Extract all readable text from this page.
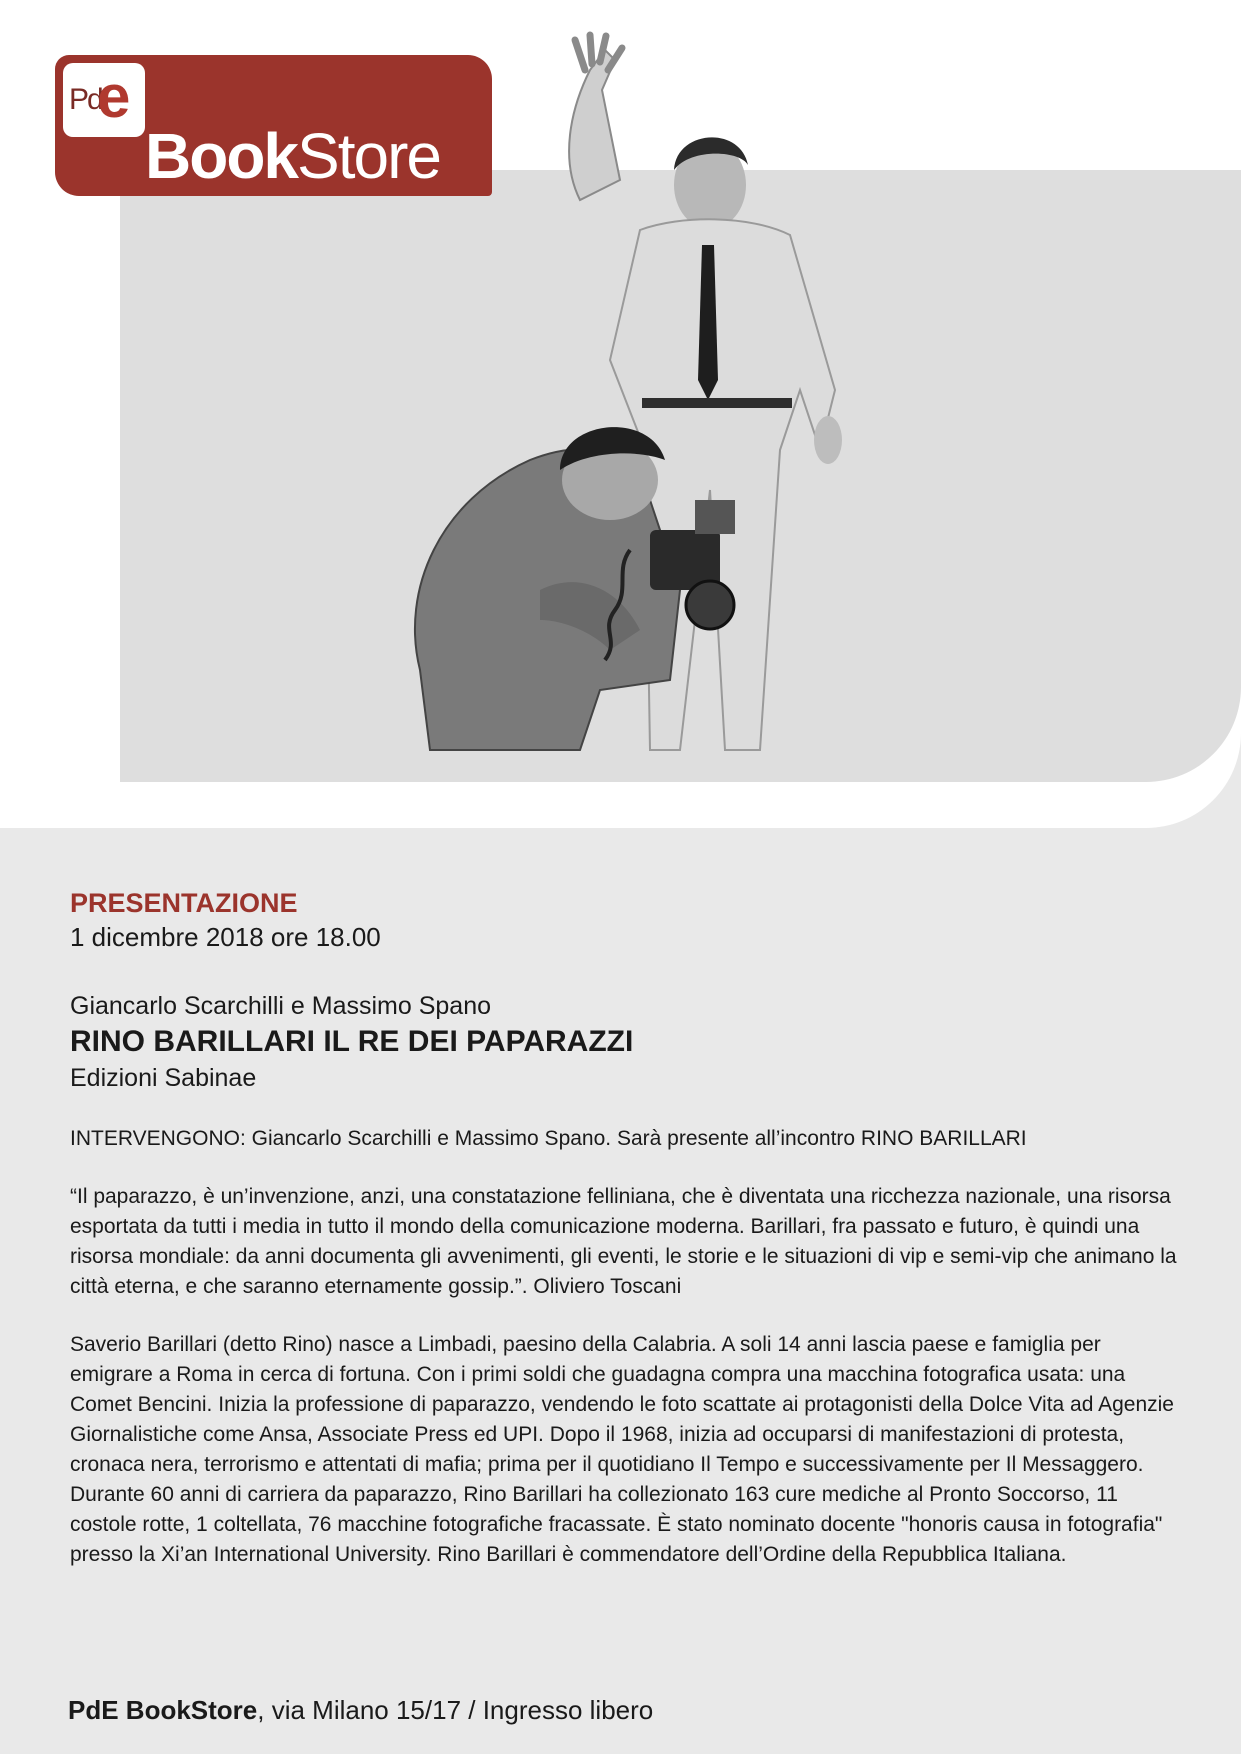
Pd
e
BookStore

PRESENTAZIONE

1 dicembre 2018 ore 18.00

Giancarlo Scarchilli e Massimo Spano

RINO BARILLARI IL RE DEI PAPARAZZI

Edizioni Sabinae

INTERVENGONO: Giancarlo Scarchilli e Massimo Spano. Sarà presente all’incontro RINO BARILLARI

“Il paparazzo, è un’invenzione, anzi, una constatazione felliniana, che è diventata una ricchezza nazionale, una risorsa esportata da tutti i media in tutto il mondo della comunicazione moderna. Barillari, fra passato e futuro, è quindi una risorsa mondiale: da anni documenta gli avvenimenti, gli eventi, le storie e le situazioni di vip e semi-vip che animano la città eterna, e che saranno eternamente gossip.”. Oliviero Toscani

Saverio Barillari (detto Rino) nasce a Limbadi, paesino della Calabria. A soli 14 anni lascia paese e famiglia per emigrare a Roma in cerca di fortuna. Con i primi soldi che guadagna compra una macchina fotografica usata: una Comet Bencini. Inizia la professione di paparazzo, vendendo le foto scattate ai protagonisti della Dolce Vita ad Agenzie Giornalistiche come Ansa, Associate Press ed UPI. Dopo il 1968, inizia ad occuparsi di manifestazioni di protesta, cronaca nera, terrorismo e attentati di mafia; prima per il quotidiano Il Tempo e successivamente per Il Messaggero. Durante 60 anni di carriera da paparazzo, Rino Barillari ha collezionato 163 cure mediche al Pronto Soccorso, 11 costole rotte, 1 coltellata, 76 macchine fotografiche fracassate. È stato nominato docente "honoris causa in fotografia" presso la Xi’an International University. Rino Barillari è commendatore dell’Ordine della Repubblica Italiana.

PdE BookStore, via Milano 15/17 / Ingresso libero
